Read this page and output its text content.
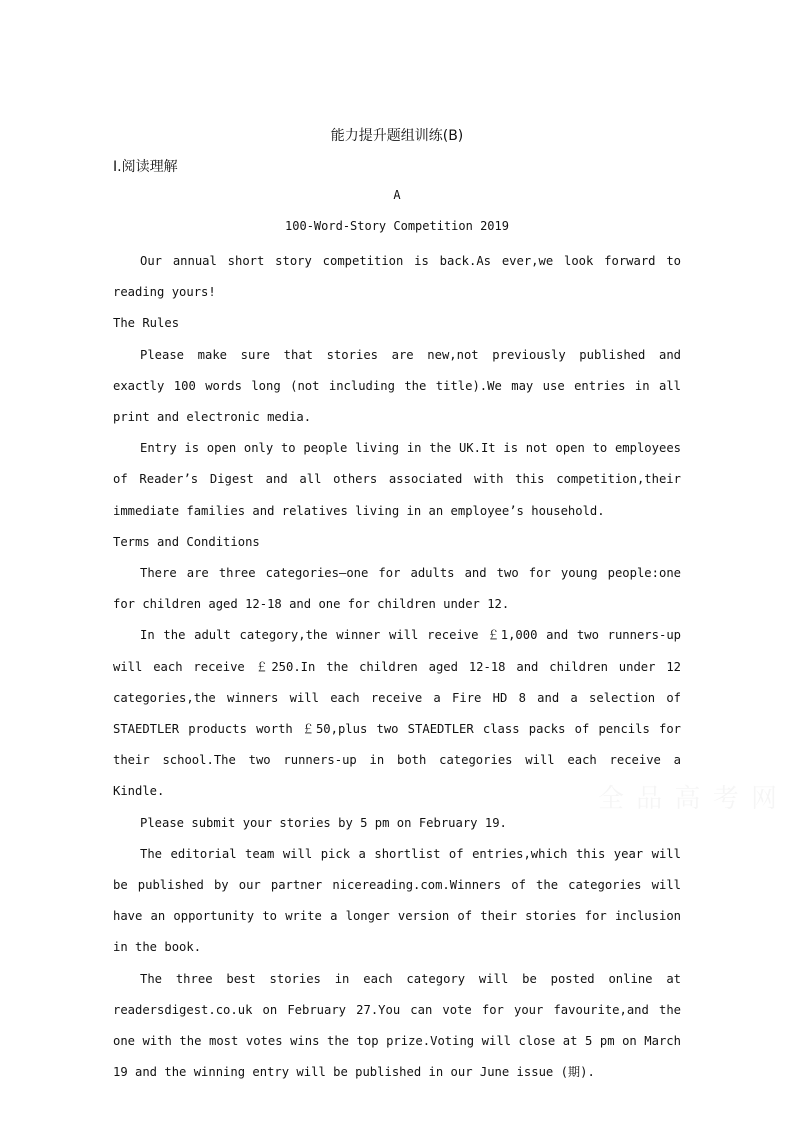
能力提升题组训练(B)
Ⅰ.阅读理解
A
100-Word-Story Competition 2019

Our annual short story competition is back.As ever,we look forward to reading yours!

The Rules

Please make sure that stories are new,not previously published and exactly 100 words long (not including the title).We may use entries in all print and electronic media.

Entry is open only to people living in the UK.It is not open to employees of Reader’s Digest and all others associated with this competition,their immediate families and relatives living in an employee’s household.

Terms and Conditions

There are three categories—one for adults and two for young people:one for children aged 12-18 and one for children under 12.

In the adult category,the winner will receive ￡1,000 and two runners-up will each receive ￡250.In the children aged 12-18 and children under 12 categories,the winners will each receive a Fire HD 8 and a selection of STAEDTLER products worth ￡50,plus two STAEDTLER class packs of pencils for their school.The two runners-up in both categories will each receive a Kindle.

Please submit your stories by 5 pm on February 19.

The editorial team will pick a shortlist of entries,which this year will be published by our partner nicereading.com.Winners of the categories will have an opportunity to write a longer version of their stories for inclusion in the book.

The three best stories in each category will be posted online at readersdigest.co.uk on February 27.You can vote for your favourite,and the one with the most votes wins the top prize.Voting will close at 5 pm on March 19 and the winning entry will be published in our June issue (期).
